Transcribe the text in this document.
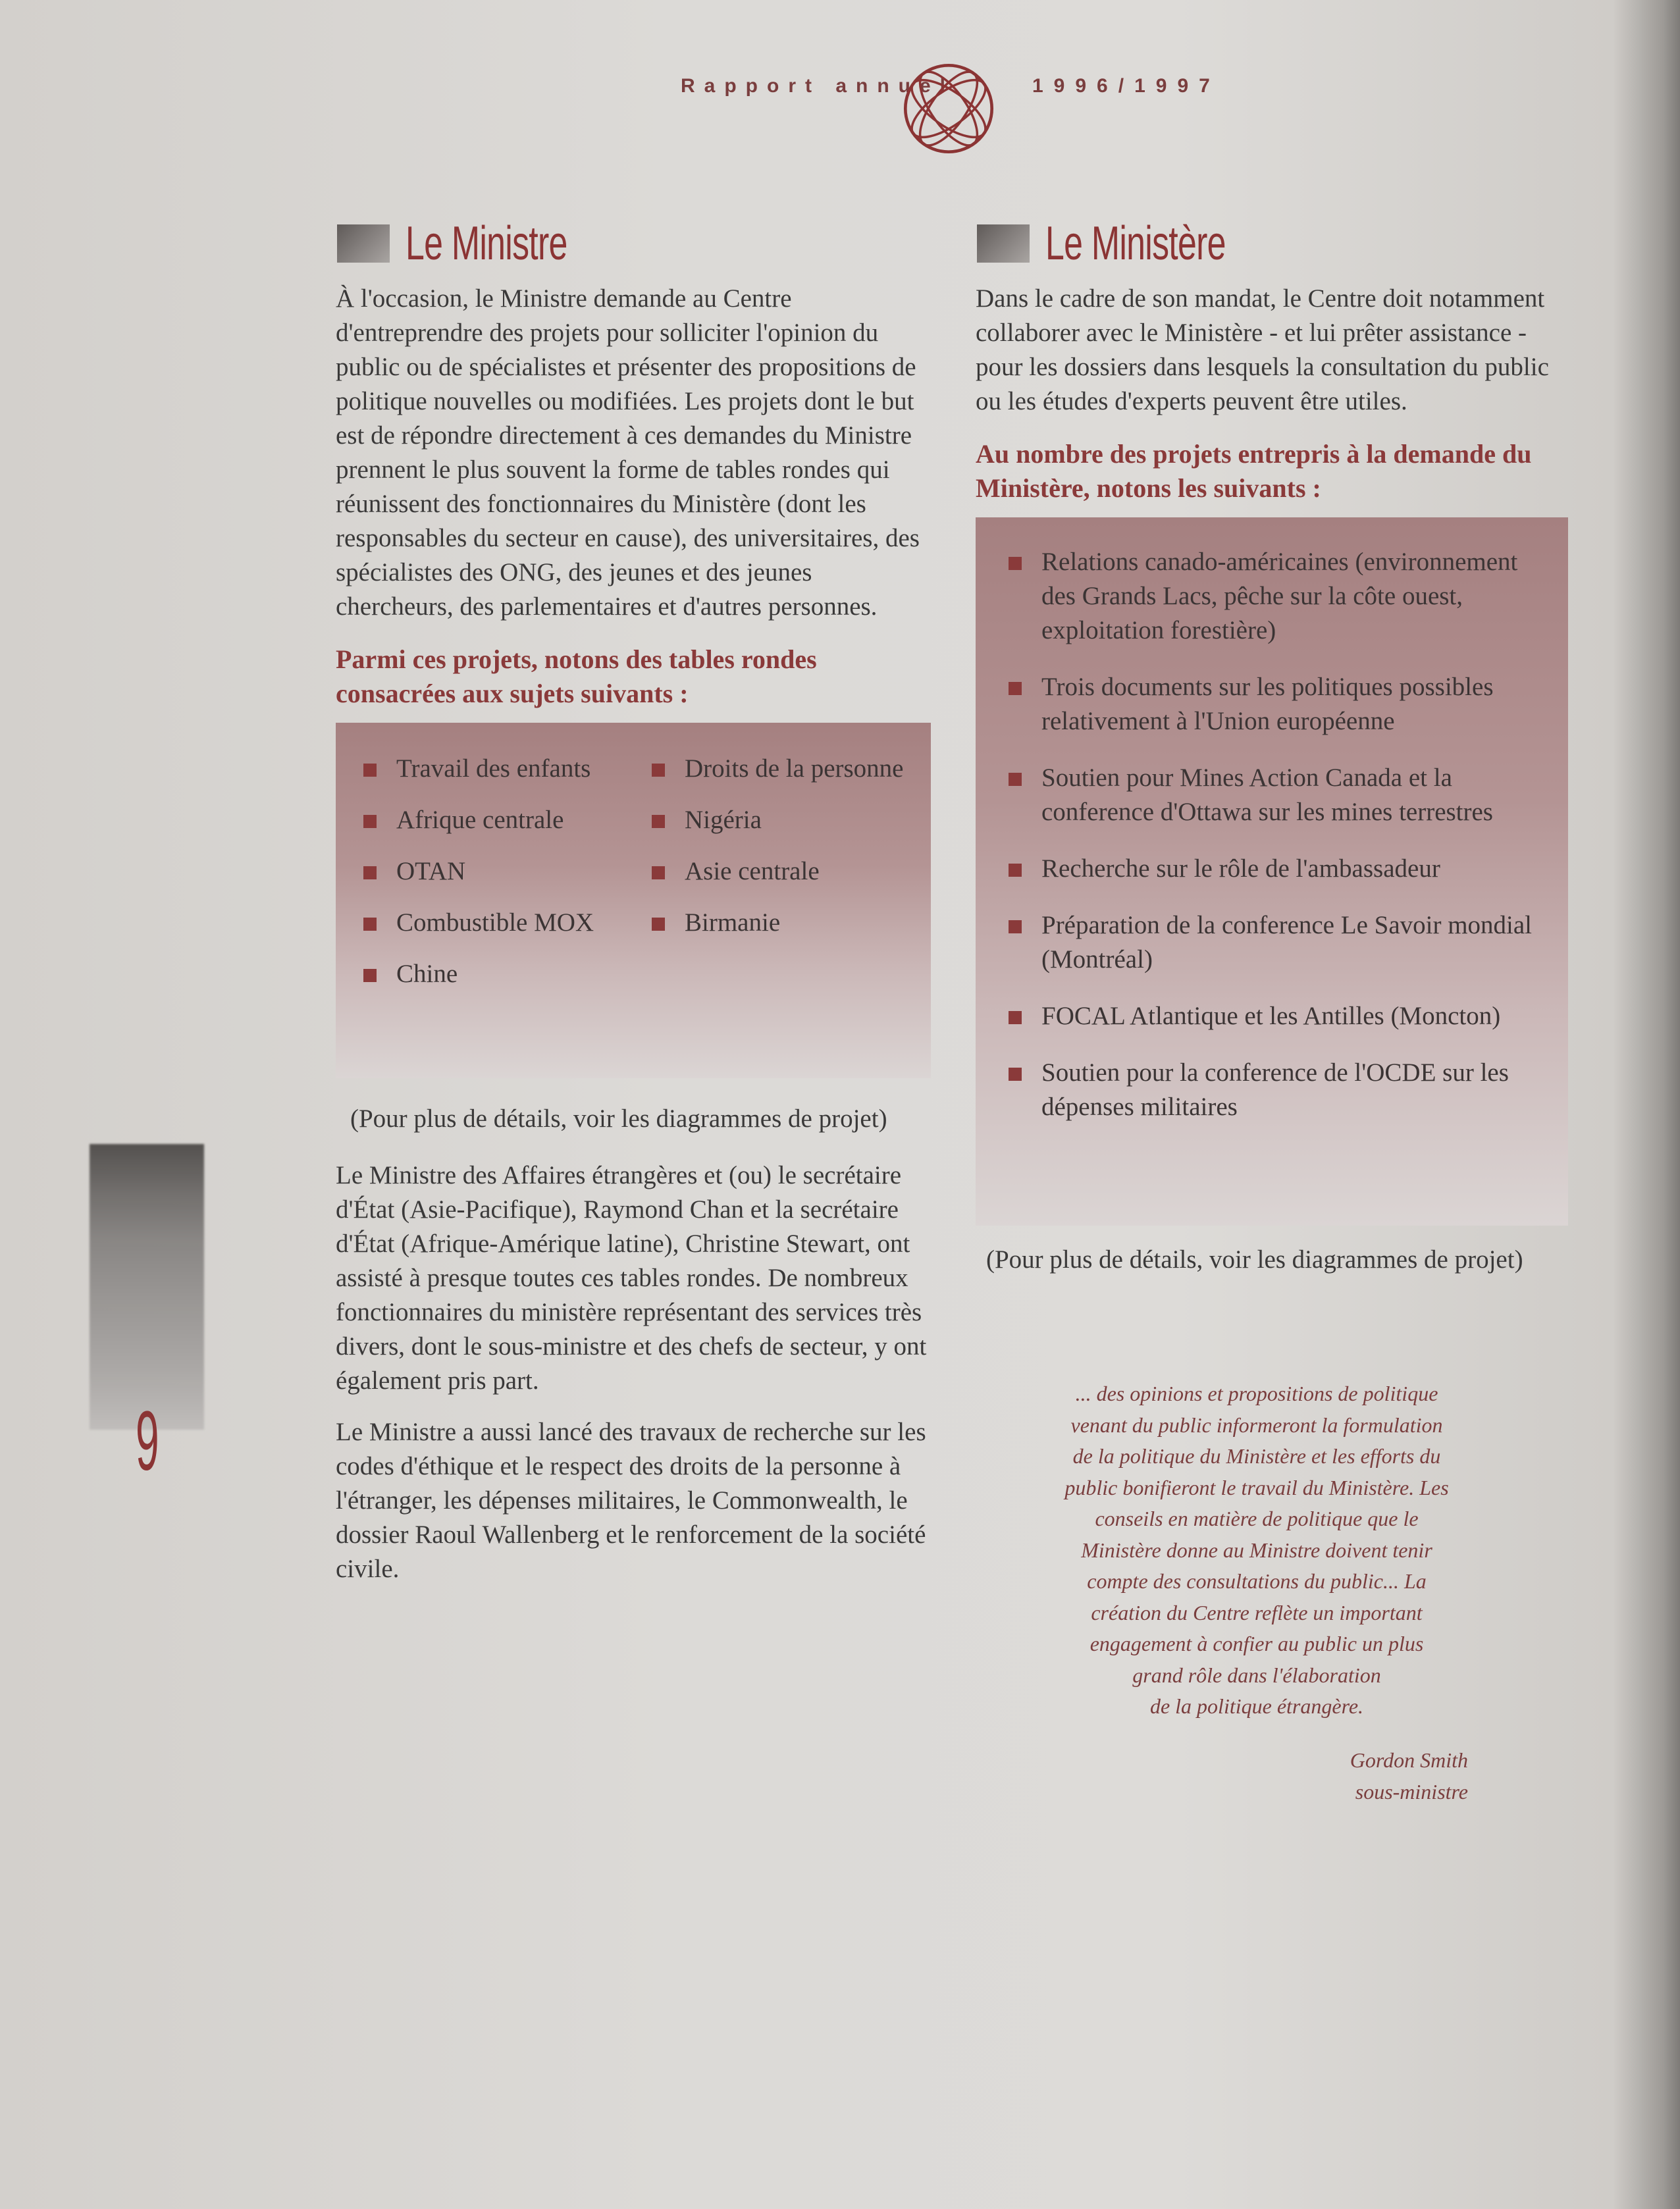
Rapport annuel	1996/1997
Le Ministre

À l'occasion, le Ministre demande au Centre d'entreprendre des projets pour solliciter l'opinion du public ou de spécialistes et présenter des propositions de politique nouvelles ou modifiées. Les projets dont le but est de répondre directement à ces demandes du Ministre prennent le plus souvent la forme de tables rondes qui réunissent des fonctionnaires du Ministère (dont les responsables du secteur en cause), des universitaires, des spécialistes des ONG, des jeunes et des jeunes chercheurs, des parlementaires et d'autres personnes.

Parmi ces projets, notons des tables rondes consacrées aux sujets suivants :
Travail des enfants
Afrique centrale
OTAN
Combustible MOX
Chine
Droits de la personne
Nigéria
Asie centrale
Birmanie
(Pour plus de détails, voir les diagrammes de projet)

Le Ministre des Affaires étrangères et (ou) le secrétaire d'État (Asie-Pacifique), Raymond Chan et la secrétaire d'État (Afrique-Amérique latine), Christine Stewart, ont assisté à presque toutes ces tables rondes. De nombreux fonctionnaires du ministère représentant des services très divers, dont le sous-ministre et des chefs de secteur, y ont également pris part.

Le Ministre a aussi lancé des travaux de recherche sur les codes d'éthique et le respect des droits de la personne à l'étranger, les dépenses militaires, le Commonwealth, le dossier Raoul Wallenberg et le renforcement de la société civile.

Le Ministère

Dans le cadre de son mandat, le Centre doit notamment collaborer avec le Ministère - et lui prêter assistance - pour les dossiers dans lesquels la consultation du public ou les études d'experts peuvent être utiles.

Au nombre des projets entrepris à la demande du Ministère, notons les suivants :
Relations canado-américaines (environnement des Grands Lacs, pêche sur la côte ouest, exploitation forestière)
Trois documents sur les politiques possibles relativement à l'Union européenne
Soutien pour Mines Action Canada et la conference d'Ottawa sur les mines terrestres
Recherche sur le rôle de l'ambassadeur
Préparation de la conference Le Savoir mondial (Montréal)
FOCAL Atlantique et les Antilles (Moncton)
Soutien pour la conference de l'OCDE sur les dépenses militaires
(Pour plus de détails, voir les diagrammes de projet)
... des opinions et propositions de politique
venant du public informeront la formulation
de la politique du Ministère et les efforts du
public bonifieront le travail du Ministère. Les
conseils en matière de politique que le
Ministère donne au Ministre doivent tenir
compte des consultations du public... La
création du Centre reflète un important
engagement à confier au public un plus
grand rôle dans l'élaboration
de la politique étrangère.
Gordon Smith
sous-ministre
9
